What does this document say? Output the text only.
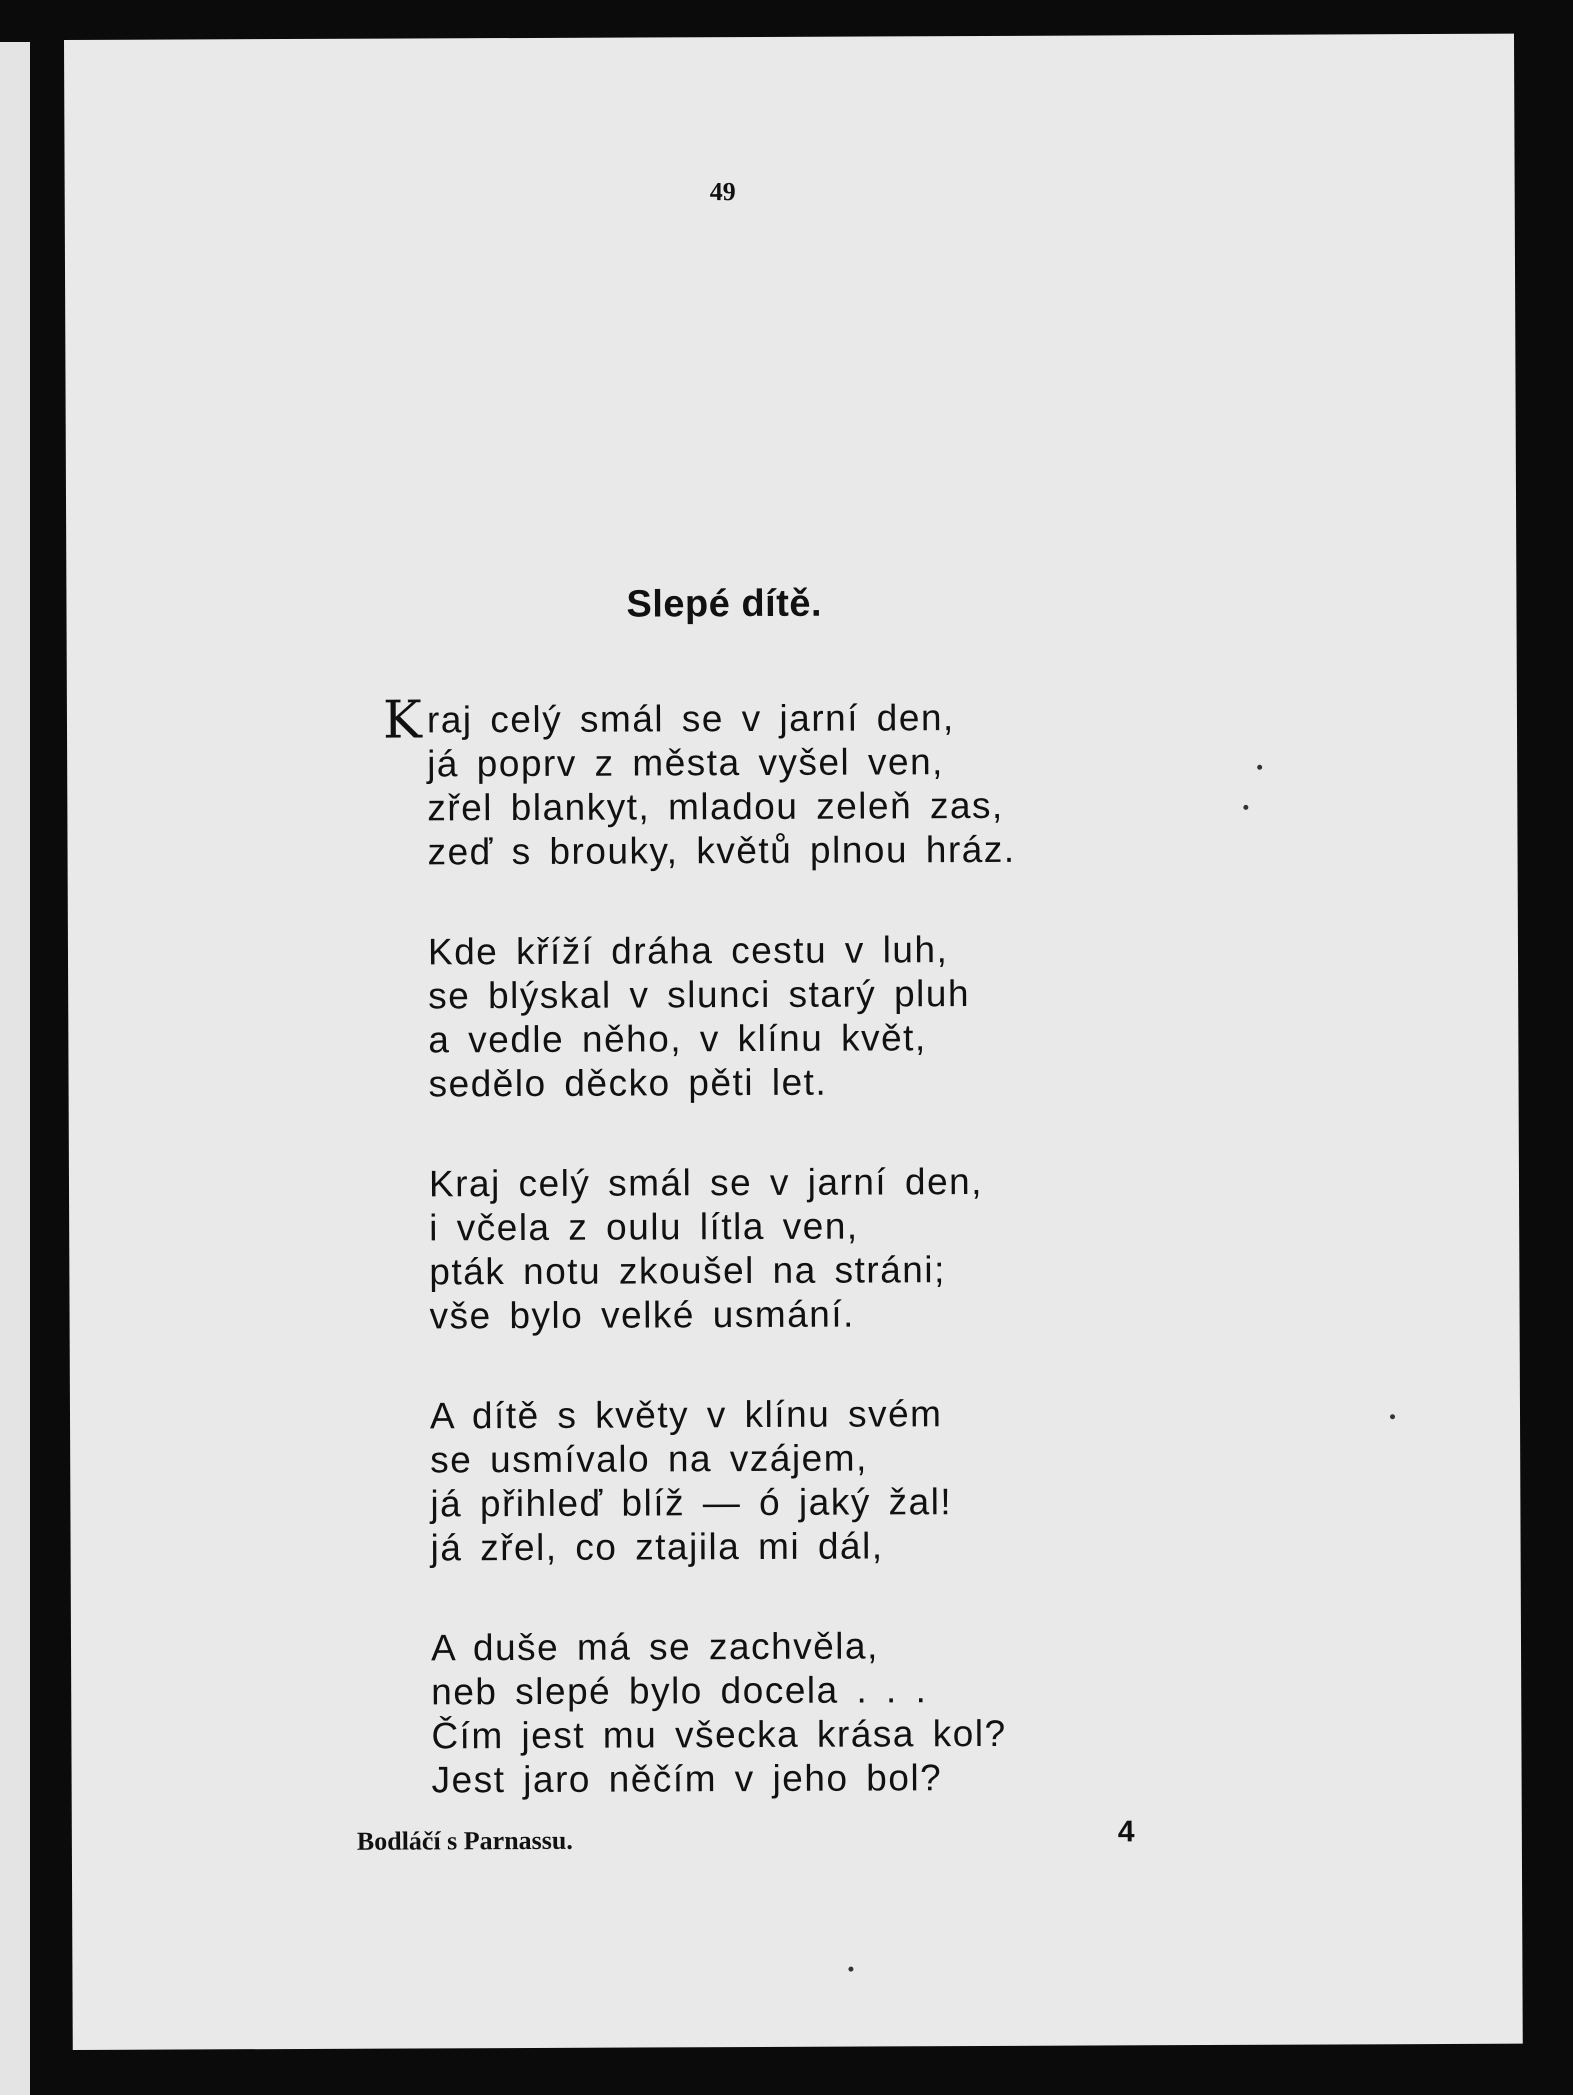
49
Slepé dítě.
Kraj celý smál se v jarní den,
já poprv z města vyšel ven,
zřel blankyt, mladou zeleň zas,
zeď s brouky, květů plnou hráz.
Kde kříží dráha cestu v luh,
se blýskal v slunci starý pluh
a vedle něho, v klínu květ,
sedělo děcko pěti let.
Kraj celý smál se v jarní den,
i včela z oulu lítla ven,
pták notu zkoušel na stráni;
vše bylo velké usmání.
A dítě s květy v klínu svém
se usmívalo na vzájem,
já přihleď blíž — ó jaký žal!
já zřel, co ztajila mi dál,
A duše má se zachvěla,
neb slepé bylo docela . . .
Čím jest mu všecka krása kol?
Jest jaro něčím v jeho bol?
Bodláčí s Parnassu.	4
